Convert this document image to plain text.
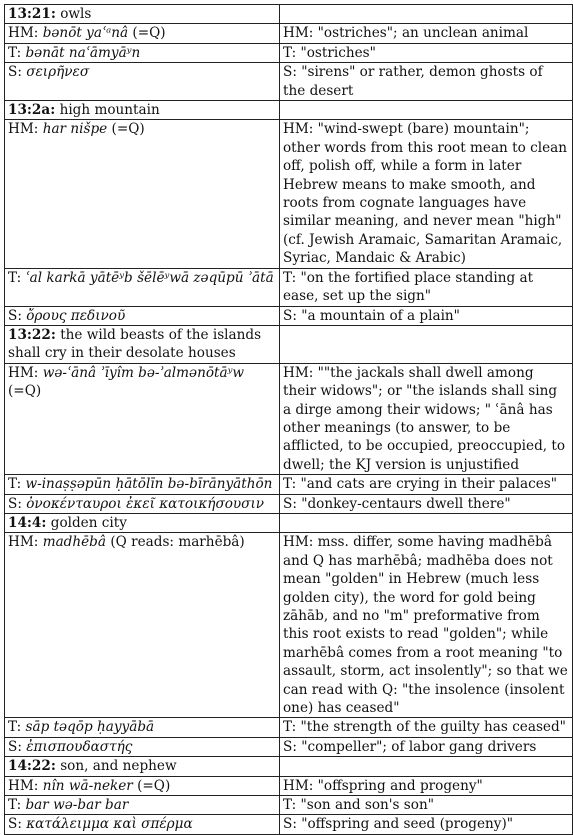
13:21: owls	
HM: bənōt yaʿᵃnâ (=Q)	HM: "ostriches"; an unclean animal
T: bənāt naʿāmyāʸn	T: "ostriches"
S: σειρῆνεσ	S: "sirens" or rather, demon ghosts of the desert
13:2a: high mountain	
HM: har nišpe (=Q)	HM: "wind-swept (bare) mountain"; other words from this root mean to clean off, polish off, while a form in later Hebrew means to make smooth, and roots from cognate languages have similar meaning, and never mean "high" (cf. Jewish Aramaic, Samaritan Aramaic, Syriac, Mandaic & Arabic)
T: ʿal karkā yātēʸb šēlēʸwā zəqūpū ʾātā	T: "on the fortified place standing at ease, set up the sign"
S: ὄρους πεδινοῦ	S: "a mountain of a plain"
13:22: the wild beasts of the islands shall cry in their desolate houses	
HM: wə-ʿānâ ʾīyîm bə-ʾalmənōtāʸw (=Q)	HM: ""the jackals shall dwell among their widows"; or "the islands shall sing a dirge among their widows; " ʿānâ has other meanings (to answer, to be afflicted, to be occupied, preoccupied, to dwell; the KJ version is unjustified
T: w-inaṣṣəpūn ḥātōlīn bə-bīrānyāthōn	T: "and cats are crying in their palaces"
S: ὀνοκένταυροι ἐκεῖ κατοικήσουσιν	S: "donkey-centaurs dwell there"
14:4: golden city	
HM: madhēbâ (Q reads: marhēbâ)	HM: mss. differ, some having madhēbâ and Q has marhēbâ; madhēba does not mean "golden" in Hebrew (much less golden city), the word for gold being zāhāb, and no "m" preformative from this root exists to read "golden"; while marhēbâ comes from a root meaning "to assault, storm, act insolently"; so that we can read with Q: "the insolence (insolent one) has ceased"
T: sāp təqōp ḥayyābā	T: "the strength of the guilty has ceased"
S: ἐπισπουδαστής	S: "compeller"; of labor gang drivers
14:22: son, and nephew	
HM: nîn wā-neker (=Q)	HM: "offspring and progeny"
T: bar wə-bar bar	T: "son and son's son"
S: κατάλειμμα καὶ σπέρμα	S: "offspring and seed (progeny)"
